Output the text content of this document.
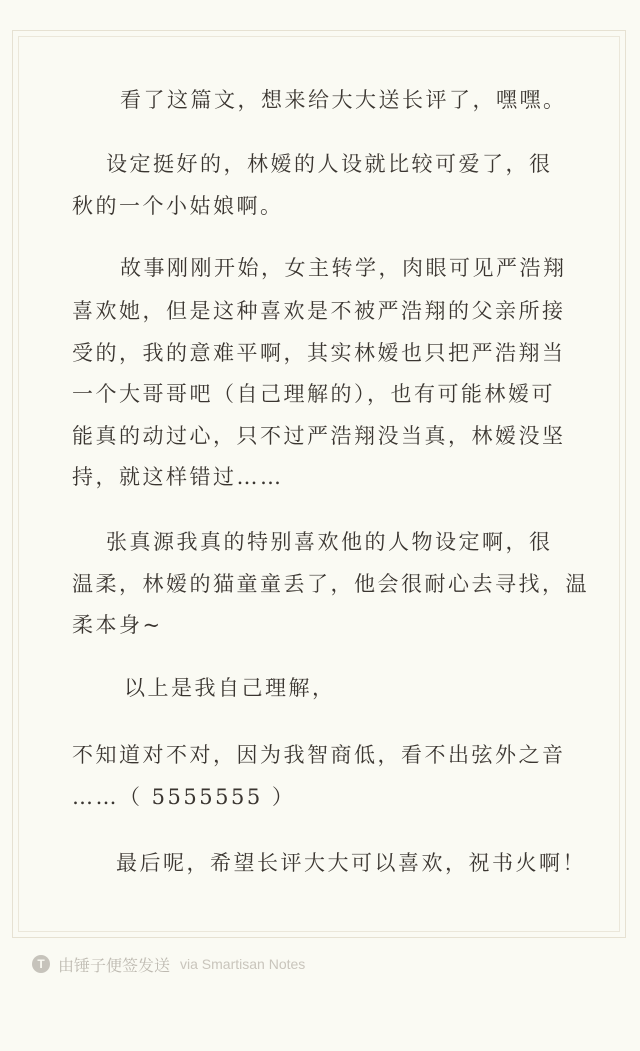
看了这篇文，想来给大大送长评了，嘿嘿。
设定挺好的，林嫒的人设就比较可爱了，很
秋的一个小姑娘啊。
故事刚刚开始，女主转学，肉眼可见严浩翔
喜欢她，但是这种喜欢是不被严浩翔的父亲所接
受的，我的意难平啊，其实林嫒也只把严浩翔当
一个大哥哥吧（自己理解的），也有可能林嫒可
能真的动过心，只不过严浩翔没当真，林嫒没坚
持，就这样错过……
张真源我真的特别喜欢他的人物设定啊，很
温柔，林嫒的猫童童丢了，他会很耐心去寻找，温
柔本身~
以上是我自己理解，
不知道对不对，因为我智商低，看不出弦外之音
……（ 5555555 ）
最后呢，希望长评大大可以喜欢，祝书火啊！
T 由锤子便签发送 via Smartisan Notes
